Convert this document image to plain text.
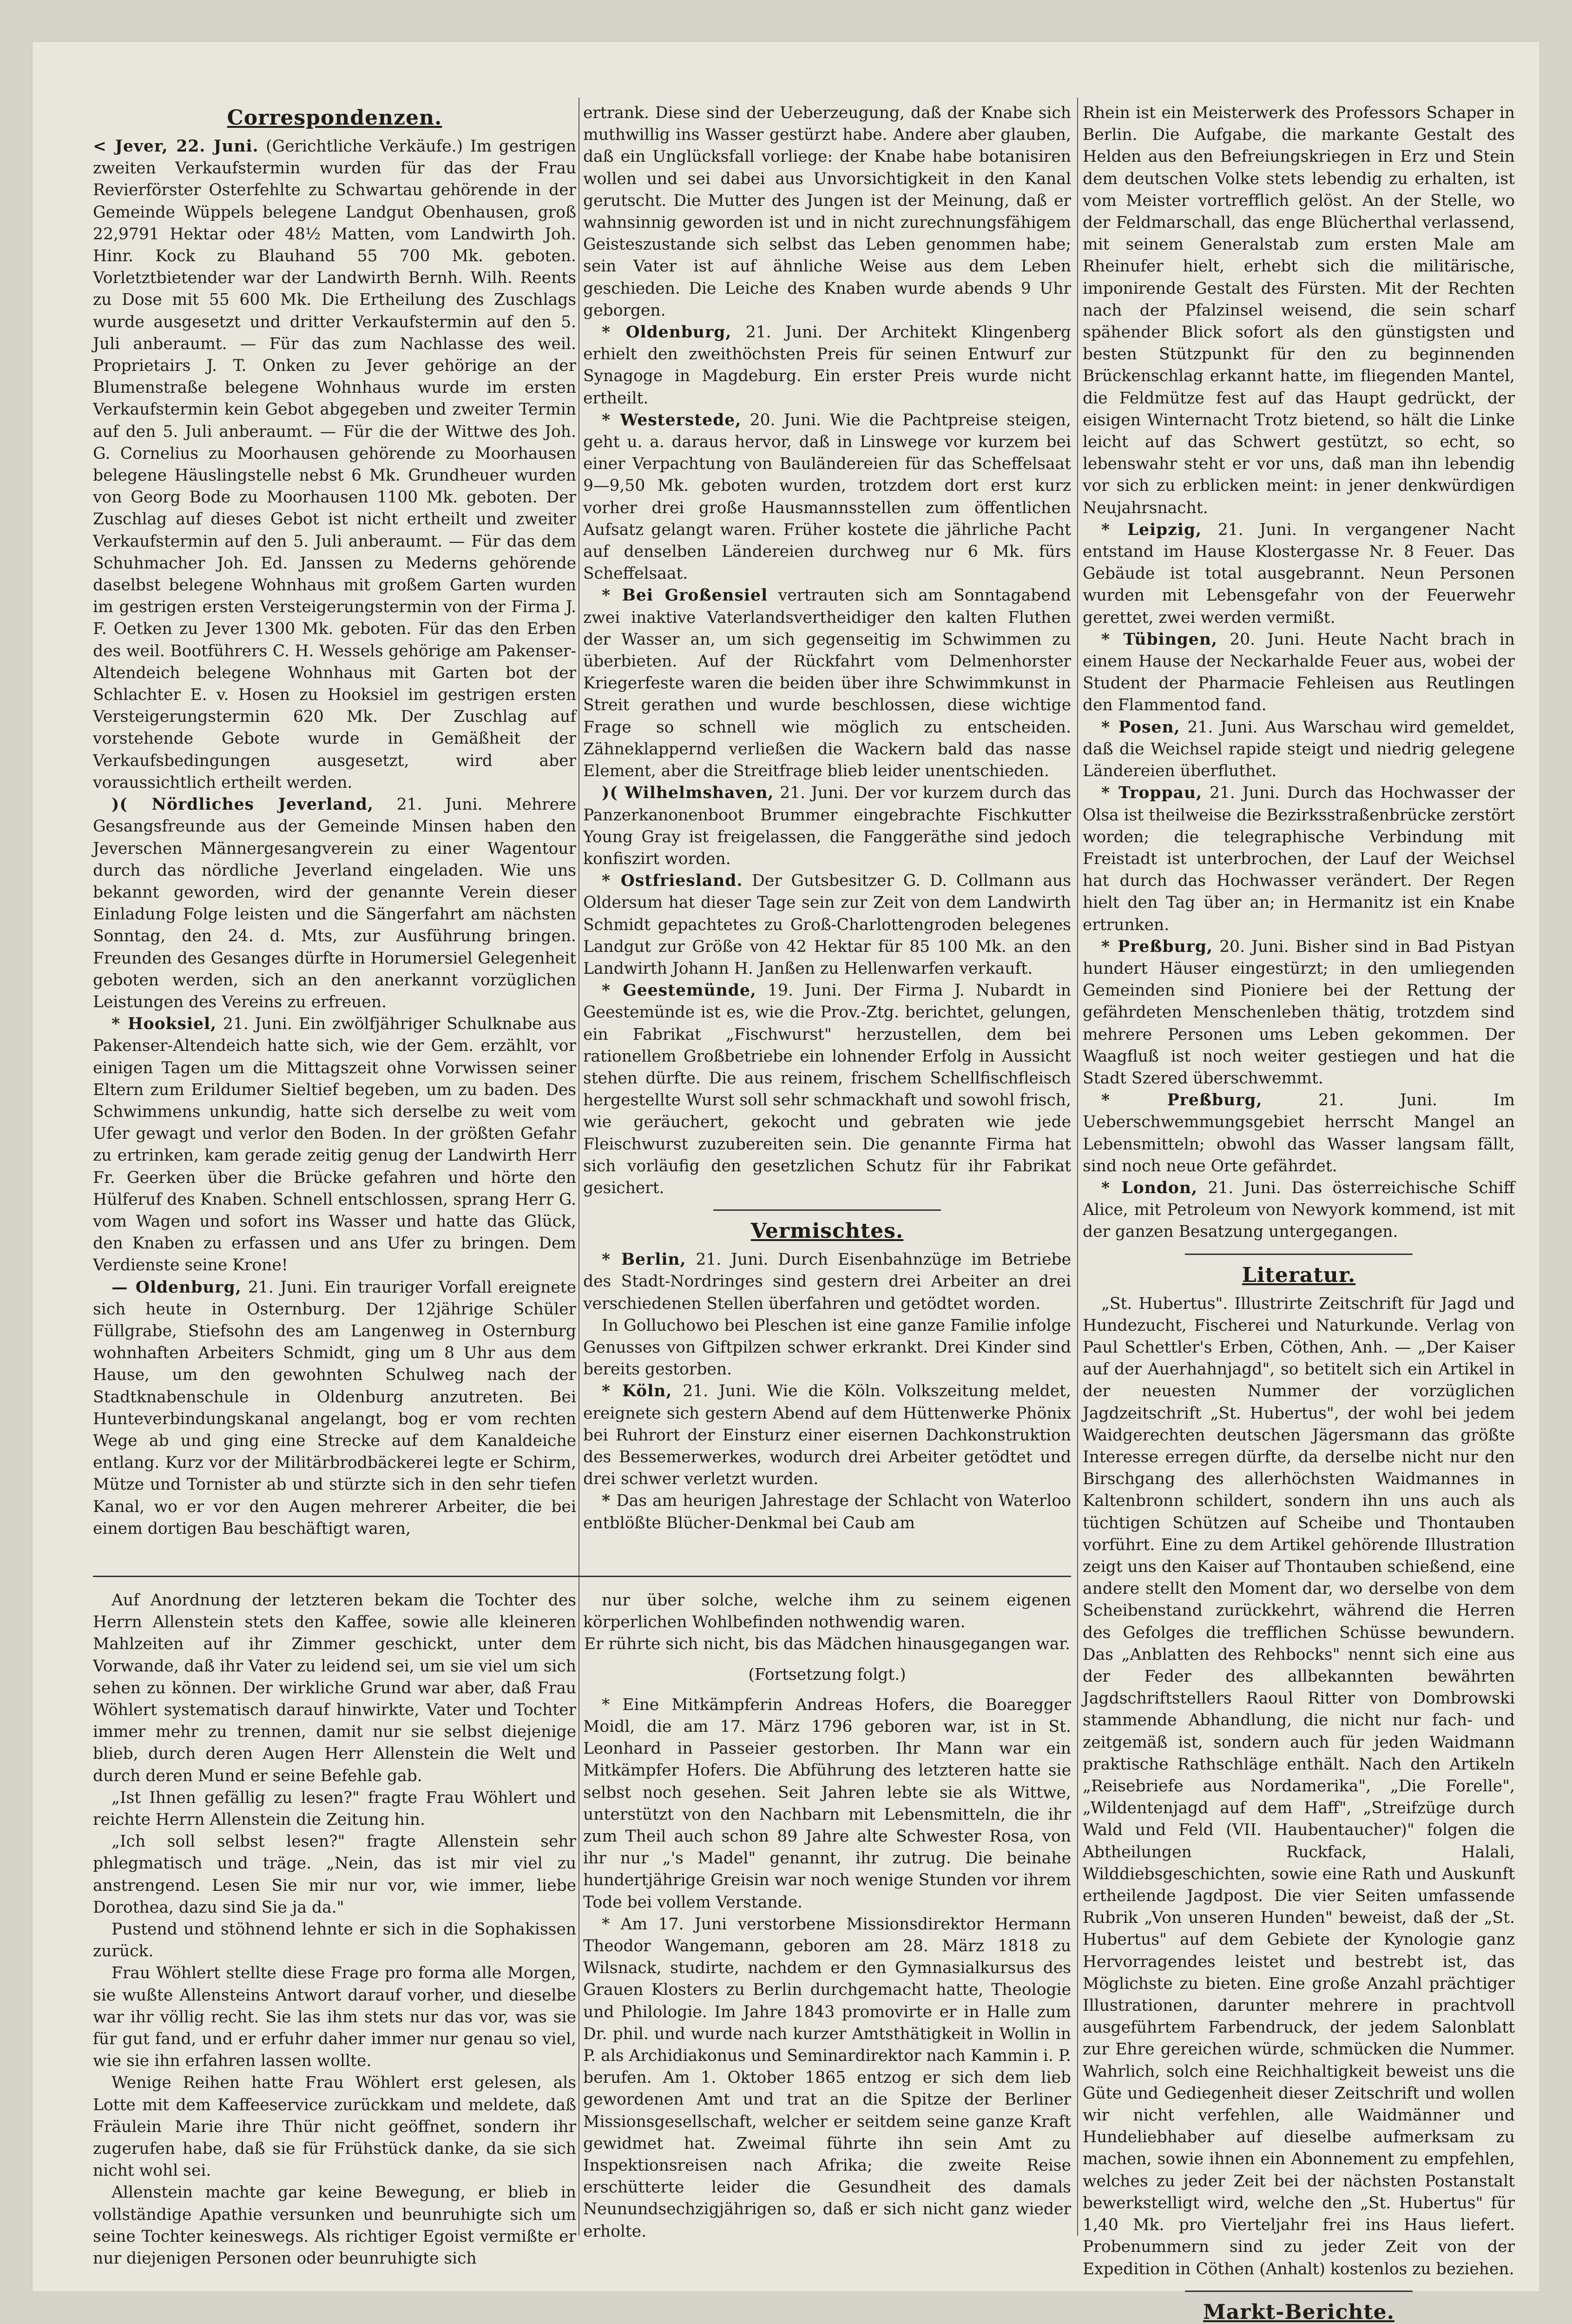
Correspondenzen.

< Jever, 22. Juni. (Gerichtliche Verkäufe.) Im gestrigen zweiten Verkaufstermin wurden für das der Frau Revierförster Osterfehlte zu Schwartau gehörende in der Gemeinde Wüppels belegene Landgut Obenhausen, groß 22,9791 Hektar oder 48½ Matten, vom Landwirth Joh. Hinr. Kock zu Blauhand 55 700 Mk. geboten. Vorletztbietender war der Landwirth Bernh. Wilh. Reents zu Dose mit 55 600 Mk. Die Ertheilung des Zuschlags wurde ausgesetzt und dritter Verkaufstermin auf den 5. Juli anberaumt. — Für das zum Nachlasse des weil. Proprietairs J. T. Onken zu Jever gehörige an der Blumenstraße belegene Wohnhaus wurde im ersten Verkaufstermin kein Gebot abgegeben und zweiter Termin auf den 5. Juli anberaumt. — Für die der Wittwe des Joh. G. Cornelius zu Moorhausen gehörende zu Moorhausen belegene Häuslingstelle nebst 6 Mk. Grundheuer wurden von Georg Bode zu Moorhausen 1100 Mk. geboten. Der Zuschlag auf dieses Gebot ist nicht ertheilt und zweiter Verkaufstermin auf den 5. Juli anberaumt. — Für das dem Schuhmacher Joh. Ed. Janssen zu Mederns gehörende daselbst belegene Wohnhaus mit großem Garten wurden im gestrigen ersten Versteigerungstermin von der Firma J. F. Oetken zu Jever 1300 Mk. geboten. Für das den Erben des weil. Bootführers C. H. Wessels gehörige am Pakenser-Altendeich belegene Wohnhaus mit Garten bot der Schlachter E. v. Hosen zu Hooksiel im gestrigen ersten Versteigerungstermin 620 Mk. Der Zuschlag auf vorstehende Gebote wurde in Gemäßheit der Verkaufsbedingungen ausgesetzt, wird aber voraussichtlich ertheilt werden.

)( Nördliches Jeverland, 21. Juni. Mehrere Gesangsfreunde aus der Gemeinde Minsen haben den Jeverschen Männergesangverein zu einer Wagentour durch das nördliche Jeverland eingeladen. Wie uns bekannt geworden, wird der genannte Verein dieser Einladung Folge leisten und die Sängerfahrt am nächsten Sonntag, den 24. d. Mts, zur Ausführung bringen. Freunden des Gesanges dürfte in Horumersiel Gelegenheit geboten werden, sich an den anerkannt vorzüglichen Leistungen des Vereins zu erfreuen.

* Hooksiel, 21. Juni. Ein zwölfjähriger Schulknabe aus Pakenser-Altendeich hatte sich, wie der Gem. erzählt, vor einigen Tagen um die Mittagszeit ohne Vorwissen seiner Eltern zum Erildumer Sieltief begeben, um zu baden. Des Schwimmens unkundig, hatte sich derselbe zu weit vom Ufer gewagt und verlor den Boden. In der größten Gefahr zu ertrinken, kam gerade zeitig genug der Landwirth Herr Fr. Geerken über die Brücke gefahren und hörte den Hülferuf des Knaben. Schnell entschlossen, sprang Herr G. vom Wagen und sofort ins Wasser und hatte das Glück, den Knaben zu erfassen und ans Ufer zu bringen. Dem Verdienste seine Krone!

— Oldenburg, 21. Juni. Ein trauriger Vorfall ereignete sich heute in Osternburg. Der 12jährige Schüler Füllgrabe, Stiefsohn des am Langenweg in Osternburg wohnhaften Arbeiters Schmidt, ging um 8 Uhr aus dem Hause, um den gewohnten Schulweg nach der Stadtknabenschule in Oldenburg anzutreten. Bei Hunteverbindungskanal angelangt, bog er vom rechten Wege ab und ging eine Strecke auf dem Kanaldeiche entlang. Kurz vor der Militärbrodbäckerei legte er Schirm, Mütze und Tornister ab und stürzte sich in den sehr tiefen Kanal, wo er vor den Augen mehrerer Arbeiter, die bei einem dortigen Bau beschäftigt waren,

ertrank. Diese sind der Ueberzeugung, daß der Knabe sich muthwillig ins Wasser gestürzt habe. Andere aber glauben, daß ein Unglücksfall vorliege: der Knabe habe botanisiren wollen und sei dabei aus Unvorsichtigkeit in den Kanal gerutscht. Die Mutter des Jungen ist der Meinung, daß er wahnsinnig geworden ist und in nicht zurechnungsfähigem Geisteszustande sich selbst das Leben genommen habe; sein Vater ist auf ähnliche Weise aus dem Leben geschieden. Die Leiche des Knaben wurde abends 9 Uhr geborgen.

* Oldenburg, 21. Juni. Der Architekt Klingenberg erhielt den zweithöchsten Preis für seinen Entwurf zur Synagoge in Magdeburg. Ein erster Preis wurde nicht ertheilt.

* Westerstede, 20. Juni. Wie die Pachtpreise steigen, geht u. a. daraus hervor, daß in Linswege vor kurzem bei einer Verpachtung von Bauländereien für das Scheffelsaat 9—9,50 Mk. geboten wurden, trotzdem dort erst kurz vorher drei große Hausmannsstellen zum öffentlichen Aufsatz gelangt waren. Früher kostete die jährliche Pacht auf denselben Ländereien durchweg nur 6 Mk. fürs Scheffelsaat.

* Bei Großensiel vertrauten sich am Sonntagabend zwei inaktive Vaterlandsvertheidiger den kalten Fluthen der Wasser an, um sich gegenseitig im Schwimmen zu überbieten. Auf der Rückfahrt vom Delmenhorster Kriegerfeste waren die beiden über ihre Schwimmkunst in Streit gerathen und wurde beschlossen, diese wichtige Frage so schnell wie möglich zu entscheiden. Zähneklappernd verließen die Wackern bald das nasse Element, aber die Streitfrage blieb leider unentschieden.

)( Wilhelmshaven, 21. Juni. Der vor kurzem durch das Panzerkanonenboot Brummer eingebrachte Fischkutter Young Gray ist freigelassen, die Fanggeräthe sind jedoch konfiszirt worden.

* Ostfriesland. Der Gutsbesitzer G. D. Collmann aus Oldersum hat dieser Tage sein zur Zeit von dem Landwirth Schmidt gepachtetes zu Groß-Charlottengroden belegenes Landgut zur Größe von 42 Hektar für 85 100 Mk. an den Landwirth Johann H. Janßen zu Hellenwarfen verkauft.

* Geestemünde, 19. Juni. Der Firma J. Nubardt in Geestemünde ist es, wie die Prov.-Ztg. berichtet, gelungen, ein Fabrikat „Fischwurst" herzustellen, dem bei rationellem Großbetriebe ein lohnender Erfolg in Aussicht stehen dürfte. Die aus reinem, frischem Schellfischfleisch hergestellte Wurst soll sehr schmackhaft und sowohl frisch, wie geräuchert, gekocht und gebraten wie jede Fleischwurst zuzubereiten sein. Die genannte Firma hat sich vorläufig den gesetzlichen Schutz für ihr Fabrikat gesichert.

Vermischtes.

* Berlin, 21. Juni. Durch Eisenbahnzüge im Betriebe des Stadt-Nordringes sind gestern drei Arbeiter an drei verschiedenen Stellen überfahren und getödtet worden.

In Golluchowo bei Pleschen ist eine ganze Familie infolge Genusses von Giftpilzen schwer erkrankt. Drei Kinder sind bereits gestorben.

* Köln, 21. Juni. Wie die Köln. Volkszeitung meldet, ereignete sich gestern Abend auf dem Hüttenwerke Phönix bei Ruhrort der Einsturz einer eisernen Dachkonstruktion des Bessemerwerkes, wodurch drei Arbeiter getödtet und drei schwer verletzt wurden.

* Das am heurigen Jahrestage der Schlacht von Waterloo entblößte Blücher-Denkmal bei Caub am

Rhein ist ein Meisterwerk des Professors Schaper in Berlin. Die Aufgabe, die markante Gestalt des Helden aus den Befreiungskriegen in Erz und Stein dem deutschen Volke stets lebendig zu erhalten, ist vom Meister vortrefflich gelöst. An der Stelle, wo der Feldmarschall, das enge Blücherthal verlassend, mit seinem Generalstab zum ersten Male am Rheinufer hielt, erhebt sich die militärische, imponirende Gestalt des Fürsten. Mit der Rechten nach der Pfalzinsel weisend, die sein scharf spähender Blick sofort als den günstigsten und besten Stützpunkt für den zu beginnenden Brückenschlag erkannt hatte, im fliegenden Mantel, die Feldmütze fest auf das Haupt gedrückt, der eisigen Winternacht Trotz bietend, so hält die Linke leicht auf das Schwert gestützt, so echt, so lebenswahr steht er vor uns, daß man ihn lebendig vor sich zu erblicken meint: in jener denkwürdigen Neujahrsnacht.

* Leipzig, 21. Juni. In vergangener Nacht entstand im Hause Klostergasse Nr. 8 Feuer. Das Gebäude ist total ausgebrannt. Neun Personen wurden mit Lebensgefahr von der Feuerwehr gerettet, zwei werden vermißt.

* Tübingen, 20. Juni. Heute Nacht brach in einem Hause der Neckarhalde Feuer aus, wobei der Student der Pharmacie Fehleisen aus Reutlingen den Flammentod fand.

* Posen, 21. Juni. Aus Warschau wird gemeldet, daß die Weichsel rapide steigt und niedrig gelegene Ländereien überfluthet.

* Troppau, 21. Juni. Durch das Hochwasser der Olsa ist theilweise die Bezirksstraßenbrücke zerstört worden; die telegraphische Verbindung mit Freistadt ist unterbrochen, der Lauf der Weichsel hat durch das Hochwasser verändert. Der Regen hielt den Tag über an; in Hermanitz ist ein Knabe ertrunken.

* Preßburg, 20. Juni. Bisher sind in Bad Pistyan hundert Häuser eingestürzt; in den umliegenden Gemeinden sind Pioniere bei der Rettung der gefährdeten Menschenleben thätig, trotzdem sind mehrere Personen ums Leben gekommen. Der Waagfluß ist noch weiter gestiegen und hat die Stadt Szered überschwemmt.

* Preßburg,	21. Juni. Im Ueberschwemmungsgebiet herrscht Mangel an Lebensmitteln; obwohl das Wasser langsam fällt, sind noch neue Orte gefährdet.

* London, 21. Juni. Das österreichische Schiff Alice, mit Petroleum von Newyork kommend, ist mit der ganzen Besatzung untergegangen.

Literatur.

„St. Hubertus". Illustrirte Zeitschrift für Jagd und Hundezucht, Fischerei und Naturkunde. Verlag von Paul Schettler's Erben, Cöthen, Anh. — „Der Kaiser auf der Auerhahnjagd", so betitelt sich ein Artikel in der neuesten Nummer der vorzüglichen Jagdzeitschrift „St. Hubertus", der wohl bei jedem Waidgerechten deutschen Jägersmann das größte Interesse erregen dürfte, da derselbe nicht nur den Birschgang des allerhöchsten Waidmannes in Kaltenbronn schildert, sondern ihn uns auch als tüchtigen Schützen auf Scheibe und Thontauben vorführt. Eine zu dem Artikel gehörende Illustration zeigt uns den Kaiser auf Thontauben schießend, eine andere stellt den Moment dar, wo derselbe von dem Scheibenstand zurückkehrt, während die Herren des Gefolges die trefflichen Schüsse bewundern. Das „Anblatten des Rehbocks" nennt sich eine aus der Feder des allbekannten bewährten Jagdschriftstellers Raoul Ritter von Dombrowski stammende Abhandlung, die nicht nur fach- und zeitgemäß ist, sondern auch für jeden Waidmann praktische Rathschläge enthält. Nach den Artikeln „Reisebriefe aus Nordamerika", „Die Forelle", „Wildentenjagd auf dem Haff", „Streifzüge durch Wald und Feld (VII. Haubentaucher)" folgen die Abtheilungen Ruckfack, Halali, Wilddiebsgeschichten, sowie eine Rath und Auskunft ertheilende Jagdpost. Die vier Seiten umfassende Rubrik „Von unseren Hunden" beweist, daß der „St. Hubertus" auf dem Gebiete der Kynologie ganz Hervorragendes leistet und bestrebt ist, das Möglichste zu bieten. Eine große Anzahl prächtiger Illustrationen, darunter mehrere in prachtvoll ausgeführtem Farbendruck, der jedem Salonblatt zur Ehre gereichen würde, schmücken die Nummer. Wahrlich, solch eine Reichhaltigkeit beweist uns die Güte und Gediegenheit dieser Zeitschrift und wollen wir nicht verfehlen, alle Waidmänner und Hundeliebhaber auf dieselbe aufmerksam zu machen, sowie ihnen ein Abonnement zu empfehlen, welches zu jeder Zeit bei der nächsten Postanstalt bewerkstelligt wird, welche den „St. Hubertus" für 1,40 Mk. pro Vierteljahr frei ins Haus liefert. Probenummern sind zu jeder Zeit von der Expedition in Cöthen (Anhalt) kostenlos zu beziehen.

Markt-Berichte.

Auf Anordnung der letzteren bekam die Tochter des Herrn Allenstein stets den Kaffee, sowie alle kleineren Mahlzeiten auf ihr Zimmer geschickt, unter dem Vorwande, daß ihr Vater zu leidend sei, um sie viel um sich sehen zu können. Der wirkliche Grund war aber, daß Frau Wöhlert systematisch darauf hinwirkte, Vater und Tochter immer mehr zu trennen, damit nur sie selbst diejenige blieb, durch deren Augen Herr Allenstein die Welt und durch deren Mund er seine Befehle gab.

„Ist Ihnen gefällig zu lesen?" fragte Frau Wöhlert und reichte Herrn Allenstein die Zeitung hin.

„Ich soll selbst lesen?" fragte Allenstein sehr phlegmatisch und träge. „Nein, das ist mir viel zu anstrengend. Lesen Sie mir nur vor, wie immer, liebe Dorothea, dazu sind Sie ja da."

Pustend und stöhnend lehnte er sich in die Sophakissen zurück.

Frau Wöhlert stellte diese Frage pro forma alle Morgen, sie wußte Allensteins Antwort darauf vorher, und dieselbe war ihr völlig recht. Sie las ihm stets nur das vor, was sie für gut fand, und er erfuhr daher immer nur genau so viel, wie sie ihn erfahren lassen wollte.

Wenige Reihen hatte Frau Wöhlert erst gelesen, als Lotte mit dem Kaffeeservice zurückkam und meldete, daß Fräulein Marie ihre Thür nicht geöffnet, sondern ihr zugerufen habe, daß sie für Frühstück danke, da sie sich nicht wohl sei.

Allenstein machte gar keine Bewegung, er blieb in vollständige Apathie versunken und beunruhigte sich um seine Tochter keineswegs. Als richtiger Egoist vermißte er nur diejenigen Personen oder beunruhigte sich

nur über solche, welche ihm zu seinem eigenen körperlichen Wohlbefinden nothwendig waren.

Er rührte sich nicht, bis das Mädchen hinausgegangen war.

(Fortsetzung folgt.)

* Eine Mitkämpferin Andreas Hofers, die Boaregger Moidl, die am 17. März 1796 geboren war, ist in St. Leonhard in Passeier gestorben. Ihr Mann war ein Mitkämpfer Hofers. Die Abführung des letzteren hatte sie selbst noch gesehen. Seit Jahren lebte sie als Wittwe, unterstützt von den Nachbarn mit Lebensmitteln, die ihr zum Theil auch schon 89 Jahre alte Schwester Rosa, von ihr nur „'s Madel" genannt, ihr zutrug. Die beinahe hundertjährige Greisin war noch wenige Stunden vor ihrem Tode bei vollem Verstande.

* Am 17. Juni verstorbene Missionsdirektor Hermann Theodor Wangemann, geboren am 28. März 1818 zu Wilsnack, studirte, nachdem er den Gymnasialkursus des Grauen Klosters zu Berlin durchgemacht hatte, Theologie und Philologie. Im Jahre 1843 promovirte er in Halle zum Dr. phil. und wurde nach kurzer Amtsthätigkeit in Wollin in P. als Archidiakonus und Seminardirektor nach Kammin i. P. berufen. Am 1. Oktober 1865 entzog er sich dem lieb gewordenen Amt und trat an die Spitze der Berliner Missionsgesellschaft, welcher er seitdem seine ganze Kraft gewidmet hat. Zweimal führte ihn sein Amt zu Inspektionsreisen nach Afrika; die zweite Reise erschütterte leider die Gesundheit des damals Neunundsechzigjährigen so, daß er sich nicht ganz wieder erholte.
